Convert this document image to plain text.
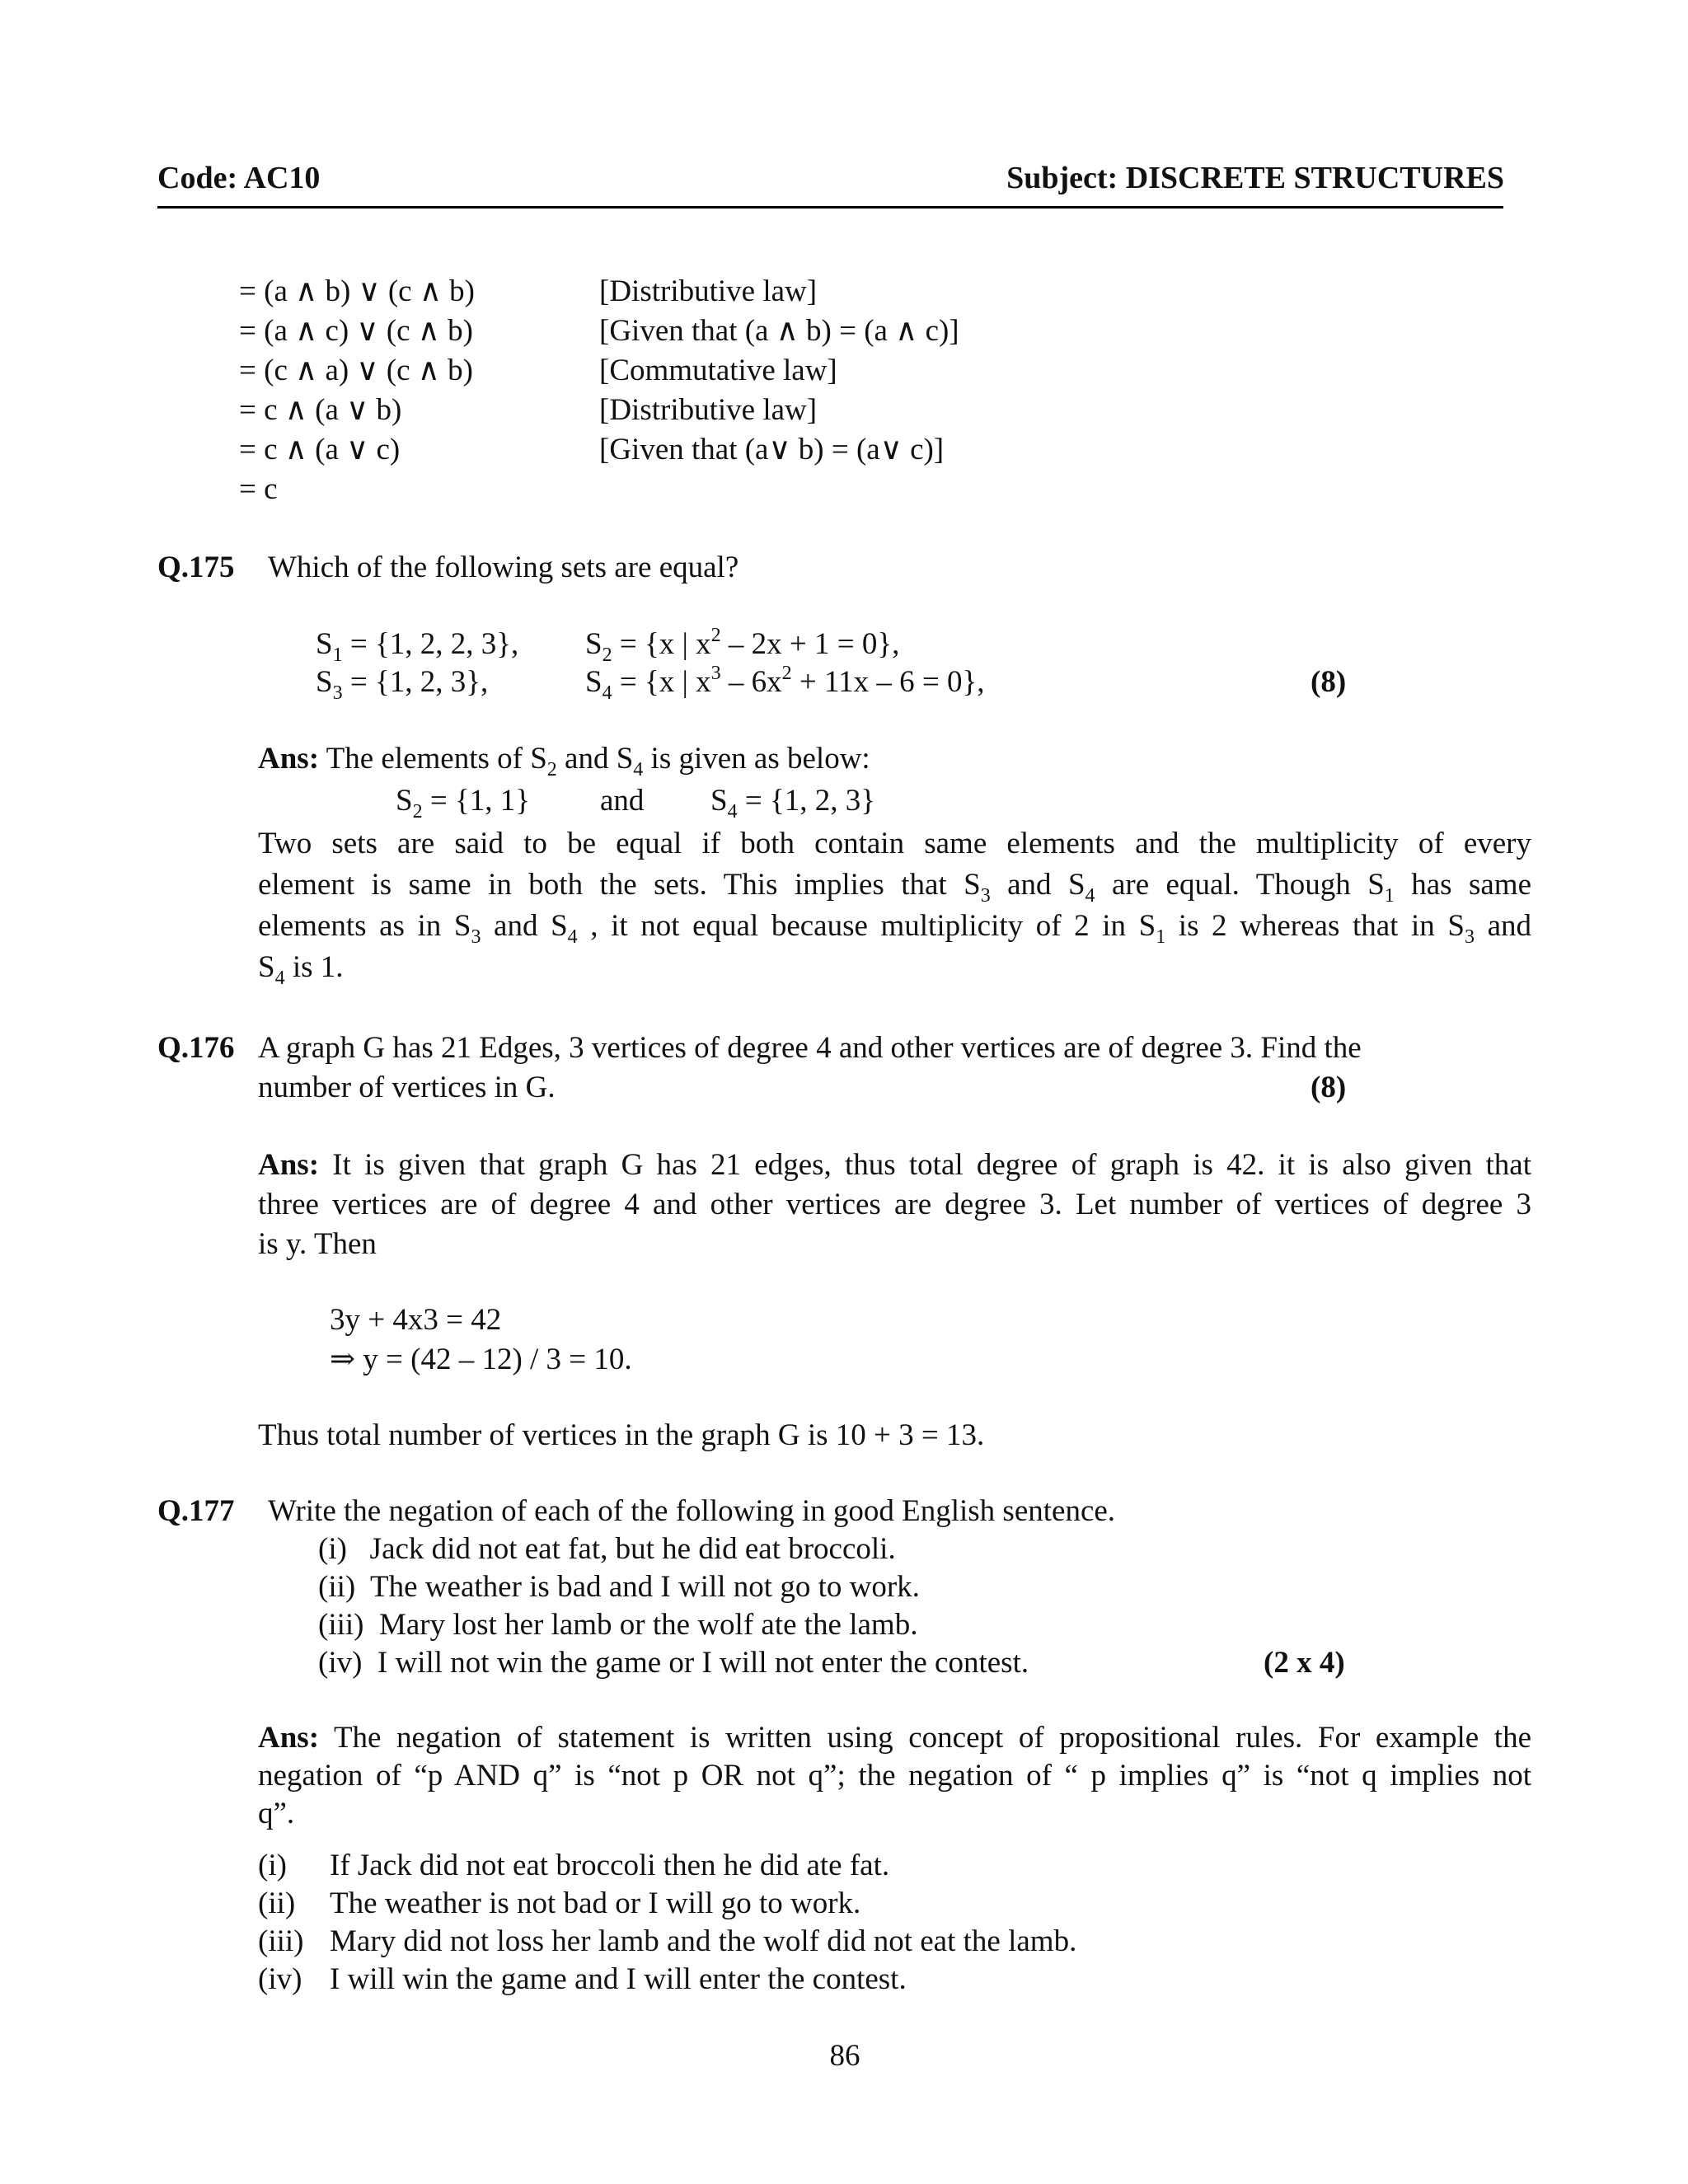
Code: AC10	Subject: DISCRETE STRUCTURES
= (a ∧ b) ∨ (c ∧ b)	[Distributive law]
= (a ∧ c) ∨ (c ∧ b)	[Given that (a ∧ b) = (a ∧ c)]
= (c ∧ a) ∨ (c ∧ b)	[Commutative law]
= c ∧ (a ∨ b)	[Distributive law]
= c ∧ (a ∨ c)	[Given that (a∨ b) = (a∨ c)]
= c
Q.175 Which of the following sets are equal?
$S_1 = \{1$, 2, 2, 3}, $S_2 = \{x$ | $x^2 - 2x + 1 = 0$},
$S_3 = \{1$, 2, 3},	$S_4 = \{x$ | $x^3 - 6x^2 + 11x - 6 = 0$},	(8)
Ans: The elements of $S_2$ and $S_4$ is given as below:
$S_2 = \{1$, 1} and $S_4 = \{1$, 2, 3}
Two sets are said to be equal if both contain same elements and the multiplicity of every
element is same in both the sets. This implies that $S_3$ and $S_4$ are equal. Though $S_1$ has same
elements as in $S_3$ and $S_4$ , it not equal because multiplicity of 2 in $S_1$ is 2 whereas that in $S_3$ and
$S_4$ is 1.
Q.176 A graph G has 21 Edges, 3 vertices of degree 4 and other vertices are of degree 3. Find the
number of vertices in G.	(8)
Ans: It is given that graph G has 21 edges, thus total degree of graph is 42. it is also given that
three vertices are of degree 4 and other vertices are degree 3. Let number of vertices of degree 3
is y. Then
3y + 4x3 = 42
⇒ y = (42 – 12) / 3 = 10.
Thus total number of vertices in the graph G is 10 + 3 = 13.
Q.177 Write the negation of each of the following in good English sentence.
(i)   Jack did not eat fat, but he did eat broccoli.
(ii)  The weather is bad and I will not go to work.
(iii)  Mary lost her lamb or the wolf ate the lamb.
(iv)  I will not win the game or I will not enter the contest.	(2 x 4)
Ans: The negation of statement is written using concept of propositional rules. For example the
negation of “p AND q” is “not p OR not q”; the negation of “ p implies q” is “not q implies not
q”.
(i) If Jack did not eat broccoli then he did ate fat.
(ii) The weather is not bad or I will go to work.
(iii) Mary did not loss her lamb and the wolf did not eat the lamb.
(iv) I will win the game and I will enter the contest.
86
